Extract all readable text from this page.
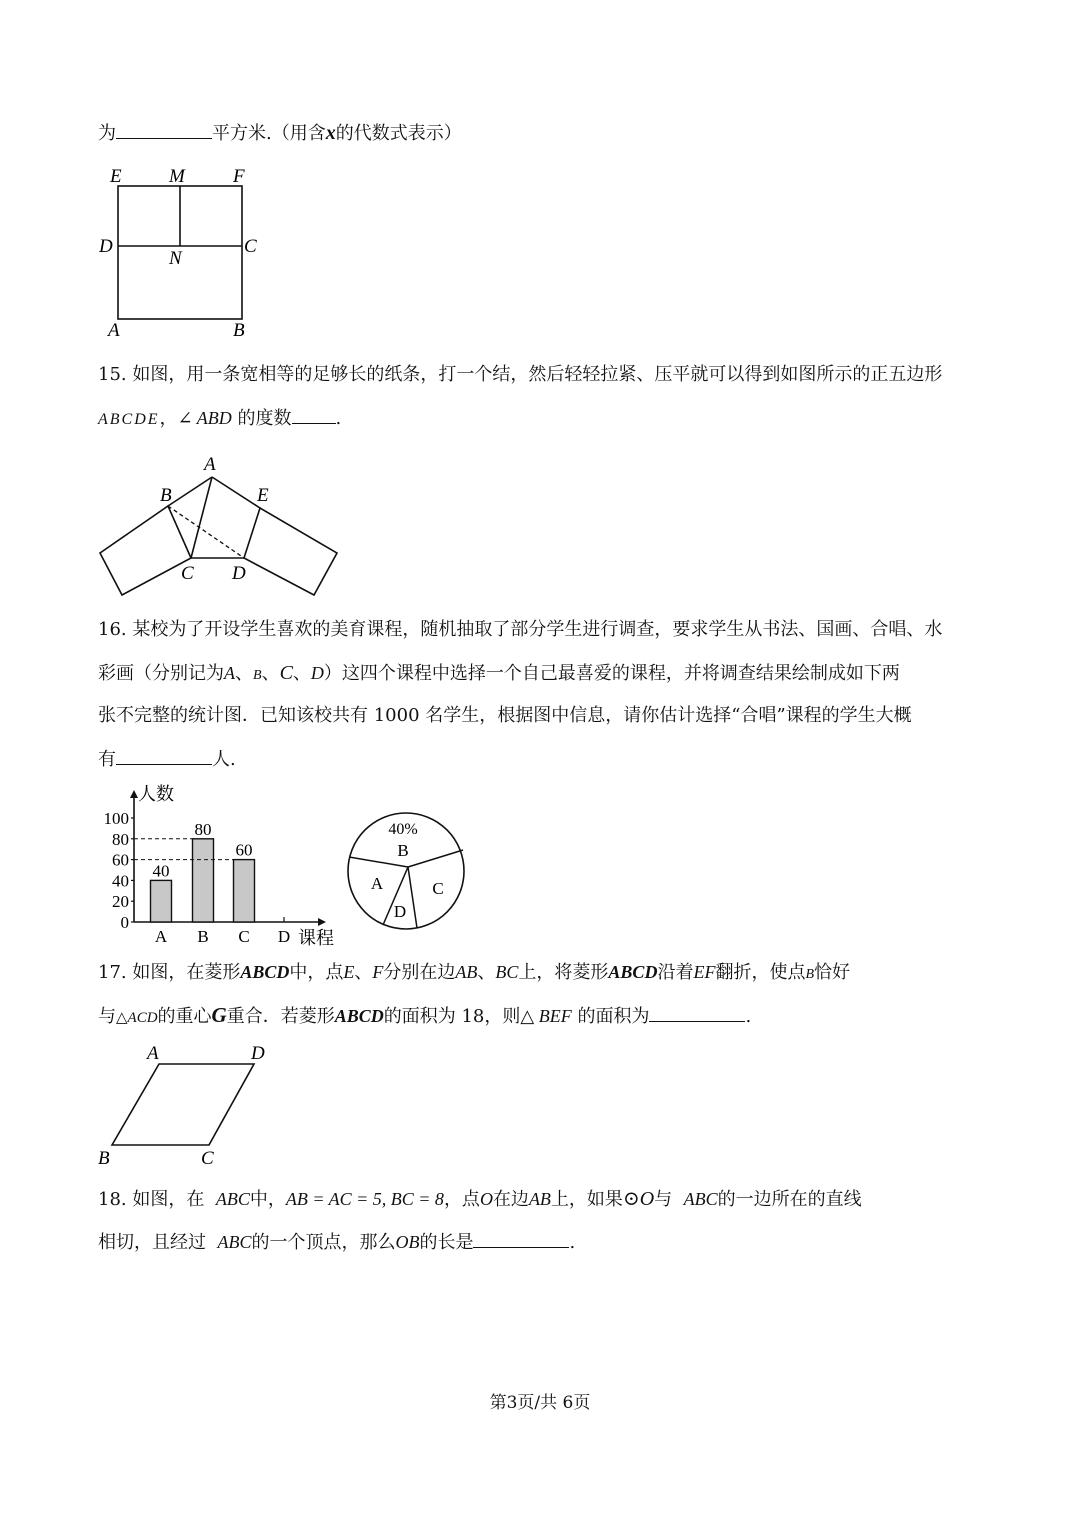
为	平方米.（用含x的代数式表示）
E M	F
D
N
C
A	B
15. 如图，用一条宽相等的足够长的纸条，打一个结，然后轻轻拉紧、压平就可以得到如图所示的正五边形
ABCDE，∠ ABD 的度数 .
A
B	E
C D
16. 某校为了开设学生喜欢的美育课程，随机抽取了部分学生进行调查，要求学生从书法、国画、合唱、水
彩画（分别记为A、B、C、D）这四个课程中选择一个自己最喜爱的课程，并将调查结果绘制成如下两
张不完整的统计图．已知该校共有 1000 名学生，根据图中信息，请你估计选择“合唱”课程的学生大概
有	人.
人数
课程
0
20
40
60
80
100
A
40
B
80
C
60
D
40%
B
C
D
A
17. 如图，在菱形ABCD中，点E、F分别在边AB、BC上，将菱形ABCD沿着EF翻折，使点B恰好
与△ACD的重心G重合．若菱形ABCD的面积为 18，则△ BEF 的面积为	.
A	D
B	C
18. 如图，在 ABC中，AB = AC = 5, BC = 8，点O在边AB上，如果⊙O与 ABC的一边所在的直线
相切，且经过 ABC的一个顶点，那么OB的长是	.
第3页/共 6页
